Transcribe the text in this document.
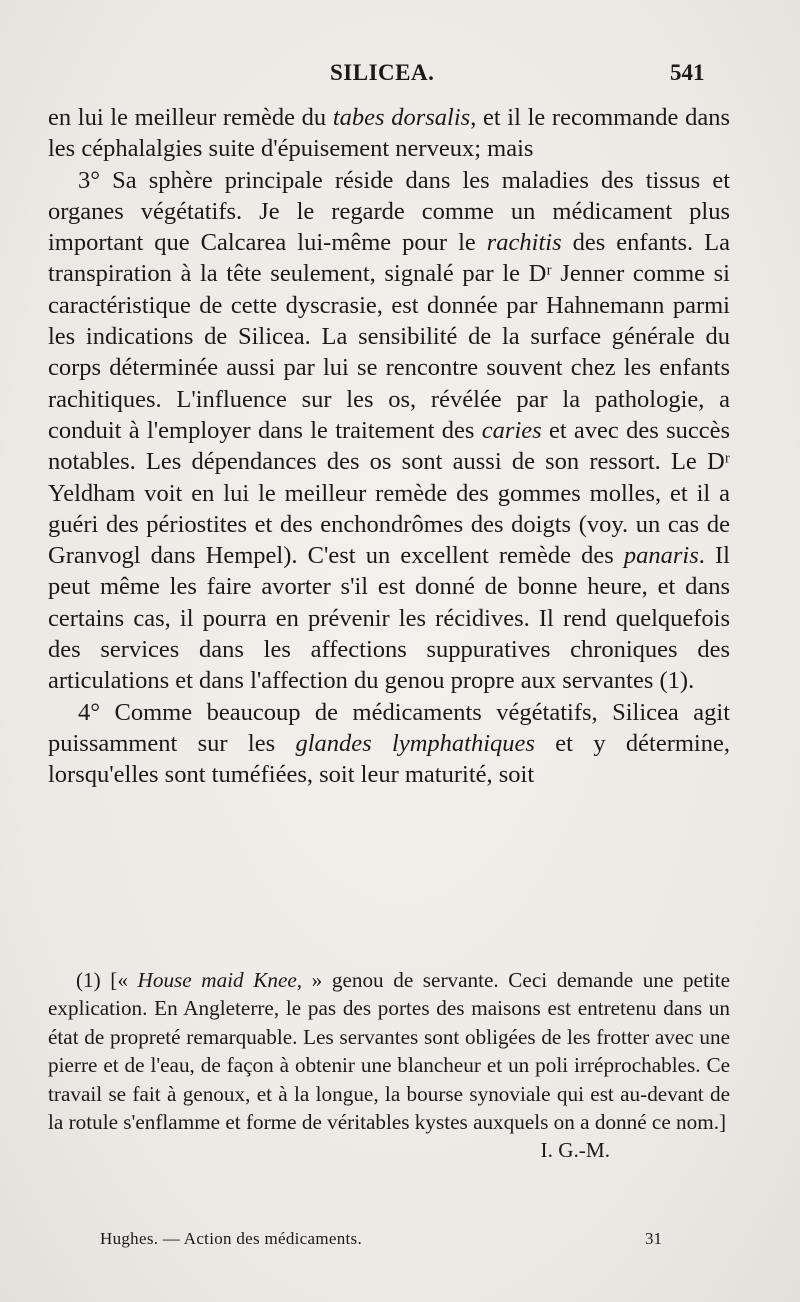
SILICEA.	541

en lui le meilleur remède du tabes dorsalis, et il le recommande dans les céphalalgies suite d'épuisement nerveux; mais

3° Sa sphère principale réside dans les maladies des tissus et organes végétatifs. Je le regarde comme un médicament plus important que Calcarea lui-même pour le rachitis des enfants. La transpiration à la tête seulement, signalé par le Dʳ Jenner comme si caractéristique de cette dyscrasie, est donnée par Hahnemann parmi les indications de Silicea. La sensibilité de la surface générale du corps déterminée aussi par lui se rencontre souvent chez les enfants rachitiques. L'influence sur les os, révélée par la pathologie, a conduit à l'employer dans le traitement des caries et avec des succès notables. Les dépendances des os sont aussi de son ressort. Le Dʳ Yeldham voit en lui le meilleur remède des gommes molles, et il a guéri des périostites et des enchondrômes des doigts (voy. un cas de Granvogl dans Hempel). C'est un excellent remède des panaris. Il peut même les faire avorter s'il est donné de bonne heure, et dans certains cas, il pourra en prévenir les récidives. Il rend quelquefois des services dans les affections suppuratives chroniques des articulations et dans l'affection du genou propre aux servantes (1).

4° Comme beaucoup de médicaments végétatifs, Silicea agit puissamment sur les glandes lymphathiques et y détermine, lorsqu'elles sont tuméfiées, soit leur maturité, soit

(1) [« House maid Knee, » genou de servante. Ceci demande une petite explication. En Angleterre, le pas des portes des maisons est entretenu dans un état de propreté remarquable. Les servantes sont obligées de les frotter avec une pierre et de l'eau, de façon à obtenir une blancheur et un poli irréprochables. Ce travail se fait à genoux, et à la longue, la bourse synoviale qui est au-devant de la rotule s'enflamme et forme de véritables kystes auxquels on a donné ce nom.]

I. G.-M.

Hughes. — Action des médicaments.	31
